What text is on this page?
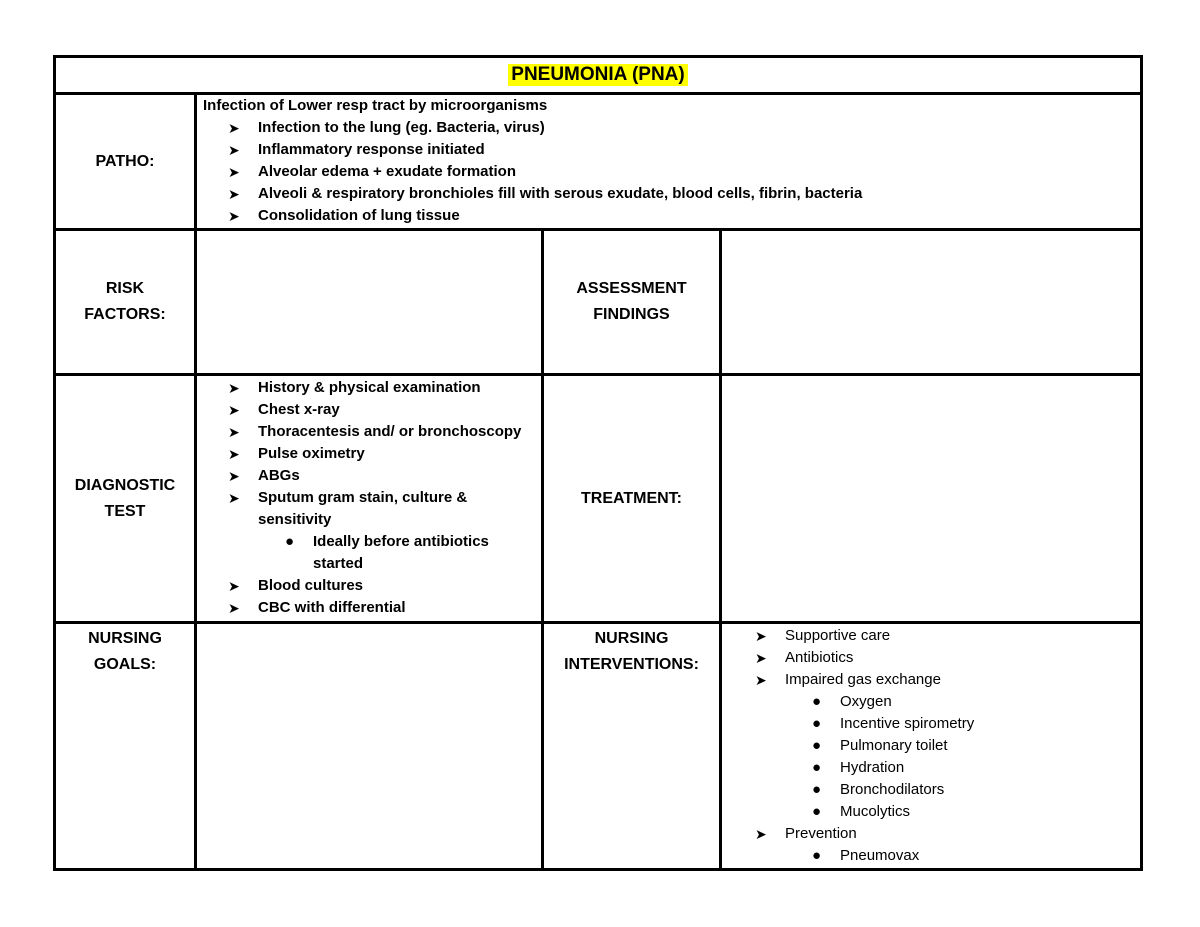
PNEUMONIA (PNA)
PATHO:
Infection of Lower resp tract by microorganisms
➤ Infection to the lung (eg. Bacteria, virus)
➤ Inflammatory response initiated
➤ Alveolar edema + exudate formation
➤ Alveoli & respiratory bronchioles fill with serous exudate, blood cells, fibrin, bacteria
➤ Consolidation of lung tissue
RISK
FACTORS:
ASSESSMENT
FINDINGS
DIAGNOSTIC
TEST
➤ History & physical examination
➤ Chest x-ray
➤ Thoracentesis and/ or bronchoscopy
➤ Pulse oximetry
➤ ABGs
➤ Sputum gram stain, culture & sensitivity
● Ideally before antibiotics started
➤ Blood cultures
➤ CBC with differential
TREATMENT:
NURSING
GOALS:
NURSING
INTERVENTIONS:
➤ Supportive care
➤ Antibiotics
➤ Impaired gas exchange
● Oxygen
● Incentive spirometry
● Pulmonary toilet
● Hydration
● Bronchodilators
● Mucolytics
➤ Prevention
● Pneumovax
